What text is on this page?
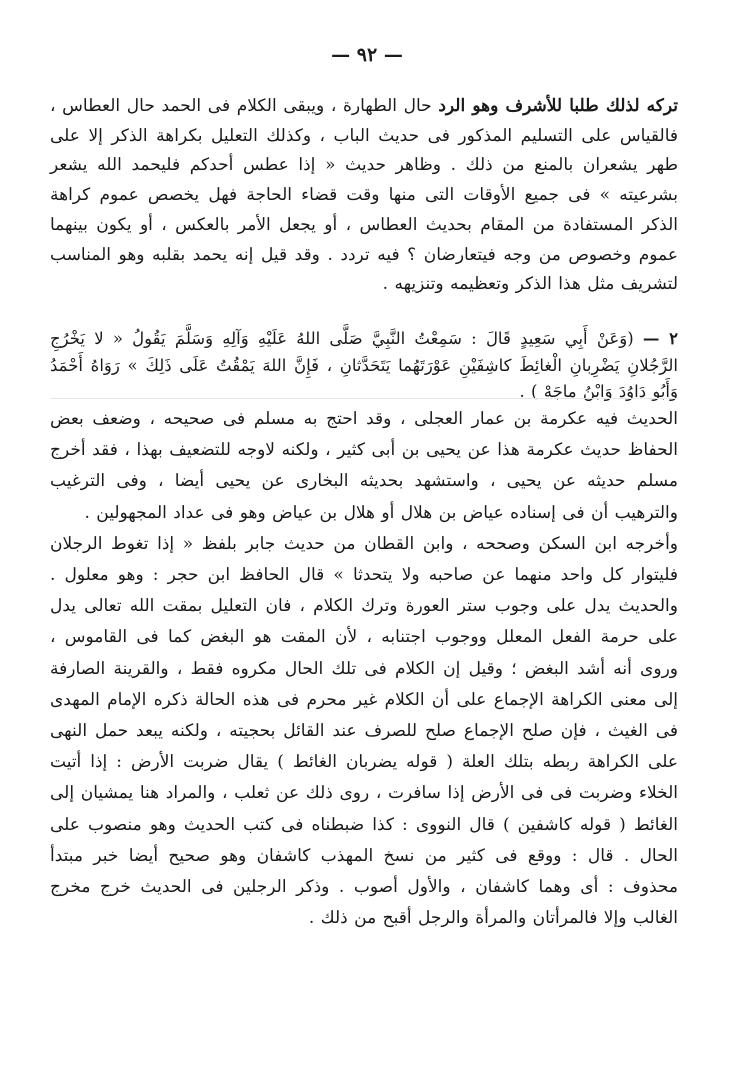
— ٩٢ —

تركه لذلك طلبا للأشرف وهو الرد حال الطهارة ، ويبقى الكلام فى الحمد حال العطاس ، فالقياس على التسليم المذكور فى حديث الباب ، وكذلك التعليل بكراهة الذكر إلا على طهر يشعران بالمنع من ذلك . وظاهر حديث « إذا عطس أحدكم فليحمد الله يشعر بشرعيته » فى جميع الأوقات التى منها وقت قضاء الحاجة فهل يخصص عموم كراهة الذكر المستفادة من المقام بحديث العطاس ، أو يجعل الأمر بالعكس ، أو يكون بينهما عموم وخصوص من وجه فيتعارضان ؟ فيه تردد . وقد قيل إنه يحمد بقلبه وهو المناسب لتشريف مثل هذا الذكر وتعظيمه وتنزيهه .

٢ — (وَعَنْ أَبِي سَعِيدٍ قَالَ : سَمِعْتُ النَّبِيَّ صَلَّى اللهُ عَلَيْهِ وَآلِهِ وَسَلَّمَ يَقُولُ « لا يَخْرُجِ الرَّجُلانِ يَضْرِبانِ الْغائِطَ كاشِفَيْنِ عَوْرَتَهُما يَتَحَدَّثانِ ، فَإِنَّ اللهَ يَمْقُتُ عَلَى ذَلِكَ » رَوَاهُ أَحْمَدُ وَأَبُو دَاوُدَ وَابْنُ ماجَهْ ) .

الحديث فيه عكرمة بن عمار العجلى ، وقد احتج به مسلم فى صحيحه ، وضعف بعض الحفاظ حديث عكرمة هذا عن يحيى بن أبى كثير ، ولكنه لاوجه للتضعيف بهذا ، فقد أخرج مسلم حديثه عن يحيى ، واستشهد بحديثه البخارى عن يحيى أيضا ، وفى الترغيب والترهيب أن فى إسناده عياض بن هلال أو هلال بن عياض وهو فى عداد المجهولين .

وأخرجه ابن السكن وصححه ، وابن القطان من حديث جابر بلفظ « إذا تغوط الرجلان فليتوار كل واحد منهما عن صاحبه ولا يتحدثا » قال الحافظ ابن حجر : وهو معلول . والحديث يدل على وجوب ستر العورة وترك الكلام ، فان التعليل بمقت الله تعالى يدل على حرمة الفعل المعلل ووجوب اجتنابه ، لأن المقت هو البغض كما فى القاموس ، وروى أنه أشد البغض ؛ وقيل إن الكلام فى تلك الحال مكروه فقط ، والقرينة الصارفة إلى معنى الكراهة الإجماع على أن الكلام غير محرم فى هذه الحالة ذكره الإمام المهدى فى الغيث ، فإن صلح الإجماع صلح للصرف عند القائل بحجيته ، ولكنه يبعد حمل النهى على الكراهة ربطه بتلك العلة ( قوله يضربان الغائط ) يقال ضربت الأرض : إذا أتيت الخلاء وضربت فى فى الأرض إذا سافرت ، روى ذلك عن ثعلب ، والمراد هنا يمشيان إلى الغائط ( قوله كاشفين ) قال النووى : كذا ضبطناه فى كتب الحديث وهو منصوب على الحال . قال : ووقع فى كثير من نسخ المهذب كاشفان وهو صحيح أيضا خبر مبتدأ محذوف : أى وهما كاشفان ، والأول أصوب . وذكر الرجلين فى الحديث خرج مخرج الغالب وإلا فالمرأتان والمرأة والرجل أقبح من ذلك .
